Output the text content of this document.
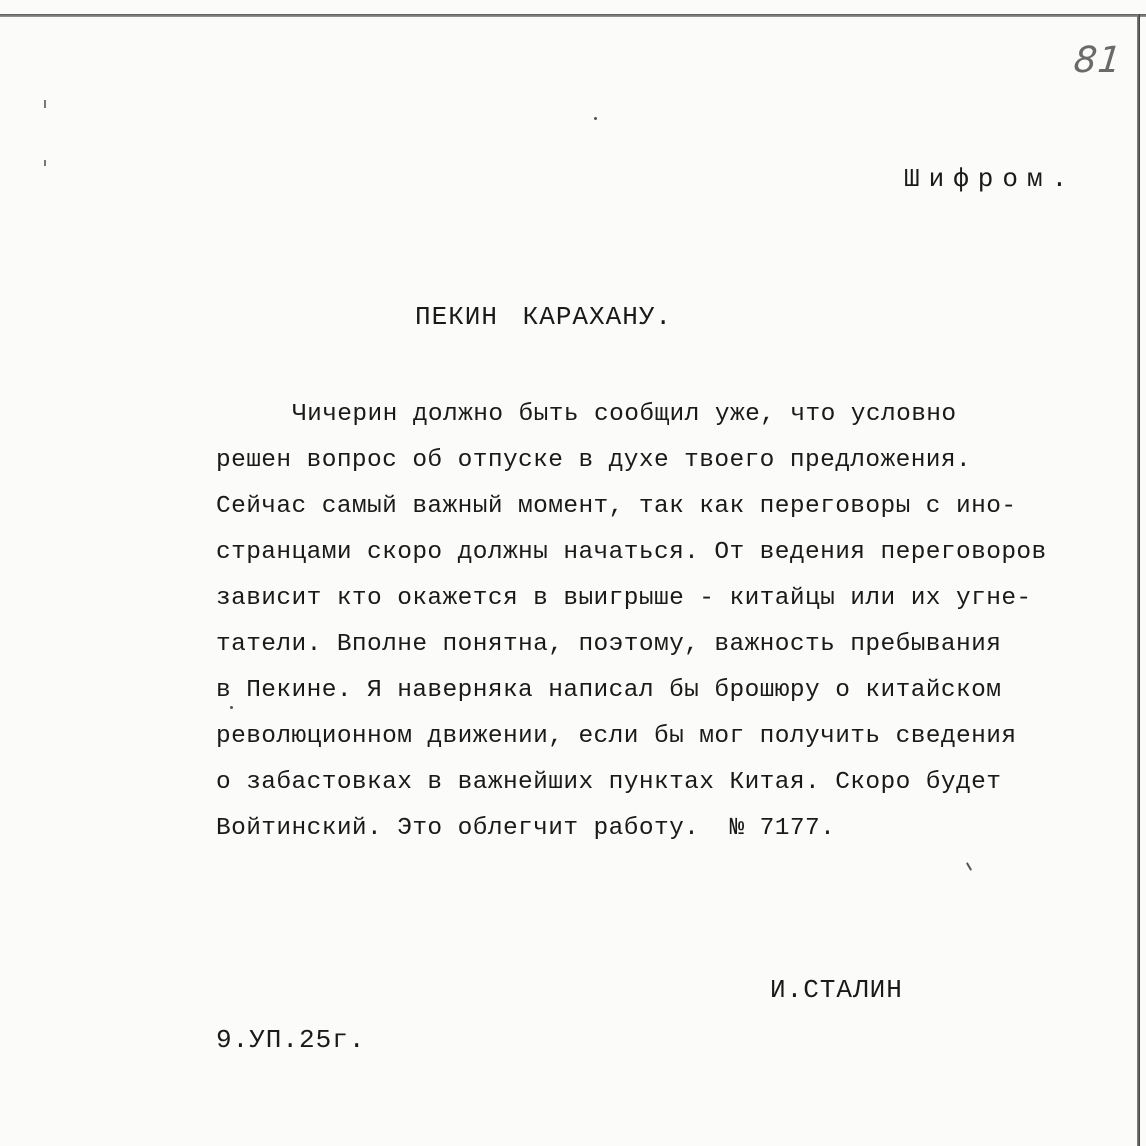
81
Шифром.
ПЕКИН КАРАХАНУ.
Чичерин должно быть сообщил уже, что условно
решен вопрос об отпуске в духе твоего предложения.
Сейчас самый важный момент, так как переговоры с ино-
странцами скоро должны начаться. От ведения переговоров
зависит кто окажется в выигрыше - китайцы или их угне-
татели. Вполне понятна, поэтому, важность пребывания
в Пекине. Я наверняка написал бы брошюру о китайском
революционном движении, если бы мог получить сведения
о забастовках в важнейших пунктах Китая. Скоро будет
Войтинский. Это облегчит работу.  № 7177.
И.СТАЛИН
9.УП.25г.
